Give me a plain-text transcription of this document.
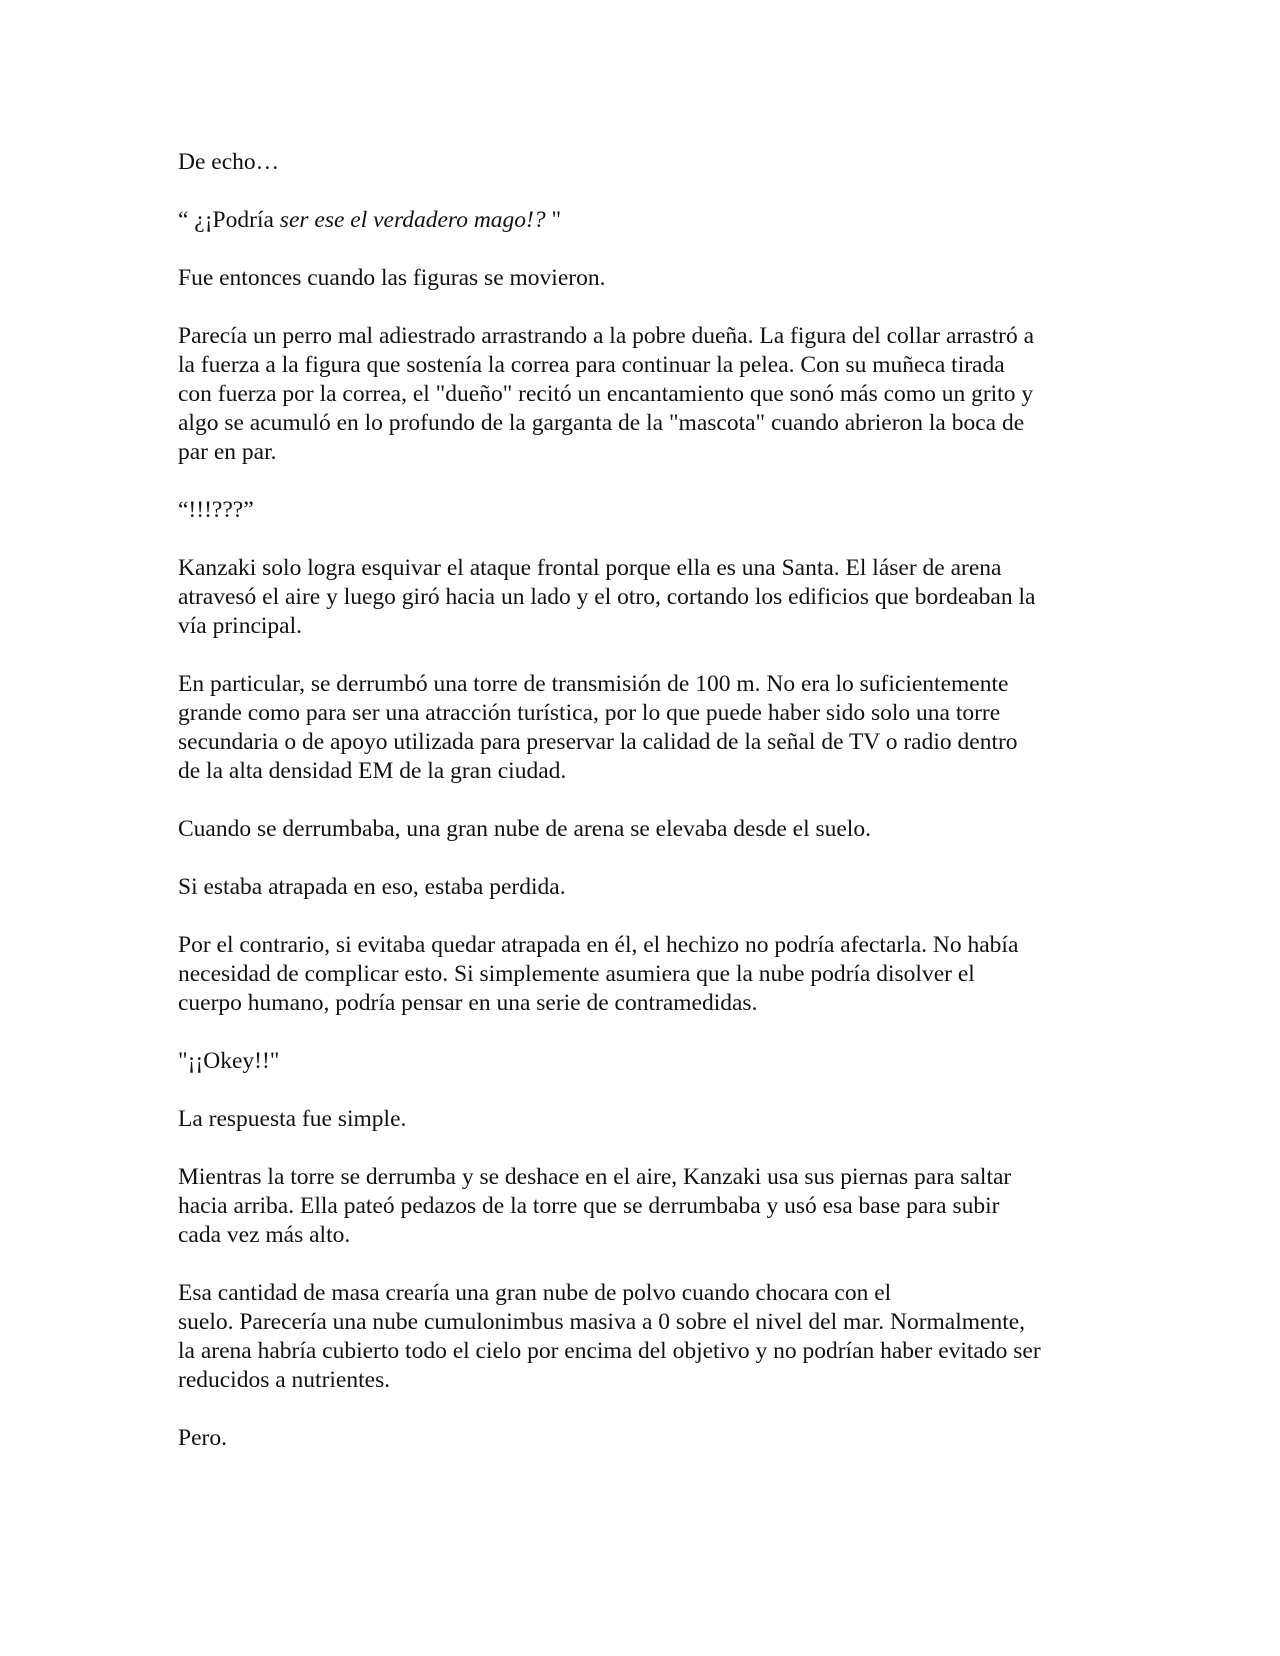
De echo…

“ ¿¡Podría ser ese el verdadero mago!? "

Fue entonces cuando las figuras se movieron.

Parecía un perro mal adiestrado arrastrando a la pobre dueña. La figura del collar arrastró a
la fuerza a la figura que sostenía la correa para continuar la pelea. Con su muñeca tirada
con fuerza por la correa, el "dueño" recitó un encantamiento que sonó más como un grito y
algo se acumuló en lo profundo de la garganta de la "mascota" cuando abrieron la boca de
par en par.

“!!!???”

Kanzaki solo logra esquivar el ataque frontal porque ella es una Santa. El láser de arena
atravesó el aire y luego giró hacia un lado y el otro, cortando los edificios que bordeaban la
vía principal.

En particular, se derrumbó una torre de transmisión de 100 m. No era lo suficientemente
grande como para ser una atracción turística, por lo que puede haber sido solo una torre
secundaria o de apoyo utilizada para preservar la calidad de la señal de TV o radio dentro
de la alta densidad EM de la gran ciudad.

Cuando se derrumbaba, una gran nube de arena se elevaba desde el suelo.

Si estaba atrapada en eso, estaba perdida.

Por el contrario, si evitaba quedar atrapada en él, el hechizo no podría afectarla. No había
necesidad de complicar esto. Si simplemente asumiera que la nube podría disolver el
cuerpo humano, podría pensar en una serie de contramedidas.

"¡¡Okey!!"

La respuesta fue simple.

Mientras la torre se derrumba y se deshace en el aire, Kanzaki usa sus piernas para saltar
hacia arriba. Ella pateó pedazos de la torre que se derrumbaba y usó esa base para subir
cada vez más alto.

Esa cantidad de masa crearía una gran nube de polvo cuando chocara con el
suelo. Parecería una nube cumulonimbus masiva a 0 sobre el nivel del mar. Normalmente,
la arena habría cubierto todo el cielo por encima del objetivo y no podrían haber evitado ser
reducidos a nutrientes.

Pero.
